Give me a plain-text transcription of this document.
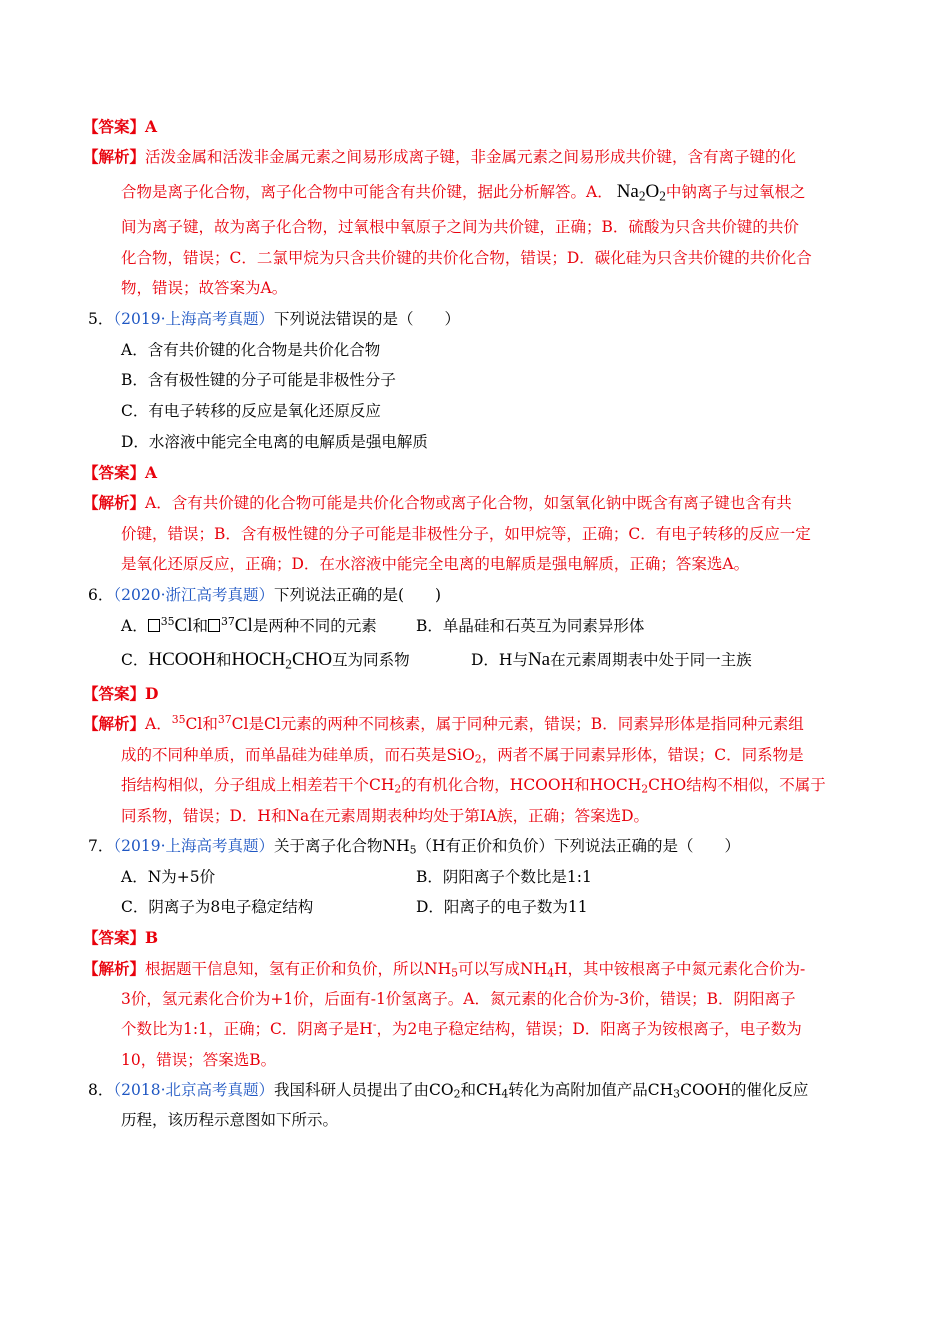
【答案】A
【解析】活泼金属和活泼非金属元素之间易形成离子键，非金属元素之间易形成共价键，含有离子键的化
合物是离子化合物，离子化合物中可能含有共价键，据此分析解答。A． $Na_2O_2$中钠离子与过氧根之
间为离子键，故为离子化合物，过氧根中氧原子之间为共价键，正确；B．硫酸为只含共价键的共价
化合物，错误；C．二氯甲烷为只含共价键的共价化合物，错误；D．碳化硅为只含共价键的共价化合
物，错误；故答案为A。
5．（2019·上海高考真题）下列说法错误的是（　　）
A．含有共价键的化合物是共价化合物
B．含有极性键的分子可能是非极性分子
C．有电子转移的反应是氧化还原反应
D．水溶液中能完全电离的电解质是强电解质
【答案】A
【解析】A．含有共价键的化合物可能是共价化合物或离子化合物，如氢氧化钠中既含有离子键也含有共
价键，错误；B．含有极性键的分子可能是非极性分子，如甲烷等，正确；C．有电子转移的反应一定
是氧化还原反应，正确；D．在水溶液中能完全电离的电解质是强电解质，正确；答案选A。
6．（2020·浙江高考真题）下列说法正确的是(　　)
A． $^{35}$Cl和 $^{37}$Cl是两种不同的元素	B．单晶硅和石英互为同素异形体
C．HCOOH和$HOCH_2CHO$互为同系物	D．H与Na在元素周期表中处于同一主族
【答案】D
【解析】A．$^{35}$Cl和$^{37}$Cl是Cl元素的两种不同核素，属于同种元素，错误；B．同素异形体是指同种元素组
成的不同种单质，而单晶硅为硅单质，而石英是SiO$_2$，两者不属于同素异形体，错误；C．同系物是
指结构相似，分子组成上相差若干个$CH_2$的有机化合物，HCOOH和$HOCH_2CHO$结构不相似，不属于
同系物，错误；D．H和Na在元素周期表种均处于第IA族，正确；答案选D。
7．（2019·上海高考真题）关于离子化合物$NH_5(H$有正价和负价）下列说法正确的是（　　）
A．N为+5价	B．阴阳离子个数比是1:1
C．阴离子为8电子稳定结构	D．阳离子的电子数为11
【答案】B
【解析】根据题干信息知，氢有正价和负价，所以$NH_5$可以写成$NH_4H$，其中铵根离子中氮元素化合价为-
3价，氢元素化合价为+1价，后面有-1价氢离子。A．氮元素的化合价为-3价，错误；B．阴阳离子
个数比为1:1，正确；C．阴离子是H-，为2电子稳定结构，错误；D．阳离子为铵根离子，电子数为
10，错误；答案选B。
8．（2018·北京高考真题）我国科研人员提出了由$CO_2$和$CH_4$转化为高附加值产品$CH_3COOH$的催化反应
历程，该历程示意图如下所示。
